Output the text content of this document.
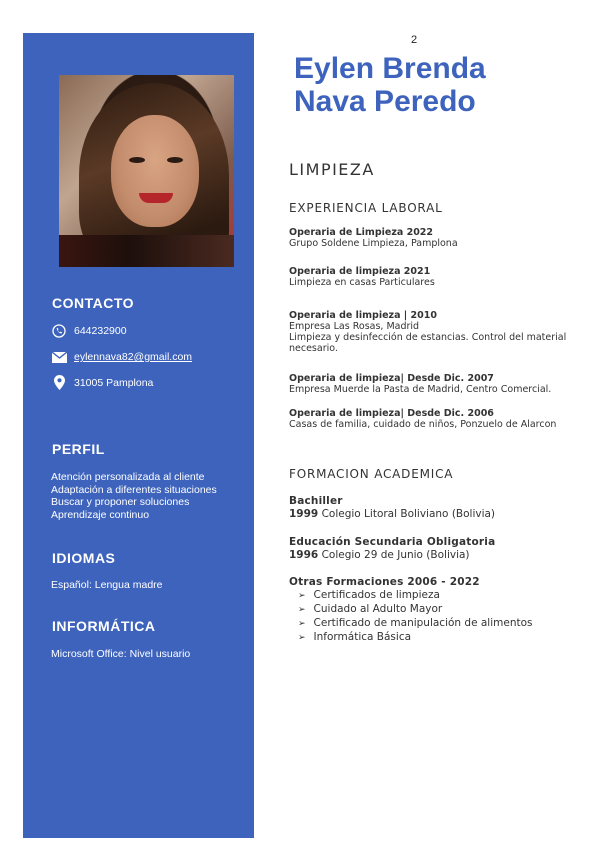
2
CONTACTO
644232900
eylennava82@gmail.com
31005 Pamplona
PERFIL
Atención personalizada al cliente
Adaptación a diferentes situaciones
Buscar y proponer soluciones
Aprendizaje continuo
IDIOMAS
Español: Lengua madre
INFORMÁTICA
Microsoft Office: Nivel usuario
Eylen Brenda
Nava Peredo
LIMPIEZA
EXPERIENCIA LABORAL
Operaria de Limpieza 2022
Grupo Soldene Limpieza, Pamplona
Operaria de limpieza 2021
Limpieza en casas Particulares
Operaria de limpieza | 2010
Empresa Las Rosas, Madrid
Limpieza y desinfección de estancias. Control del material
necesario.
Operaria de limpieza| Desde Dic. 2007
Empresa Muerde la Pasta de Madrid, Centro Comercial.
Operaria de limpieza| Desde Dic. 2006
Casas de familia, cuidado de niños, Ponzuelo de Alarcon
FORMACION ACADEMICA
Bachiller
1999 Colegio Litoral Boliviano (Bolivia)
Educación Secundaria Obligatoria
1996 Colegio 29 de Junio (Bolivia)
Otras Formaciones 2006 - 2022
➢ Certificados de limpieza
➢ Cuidado al Adulto Mayor
➢ Certificado de manipulación de alimentos
➢ Informática Básica
